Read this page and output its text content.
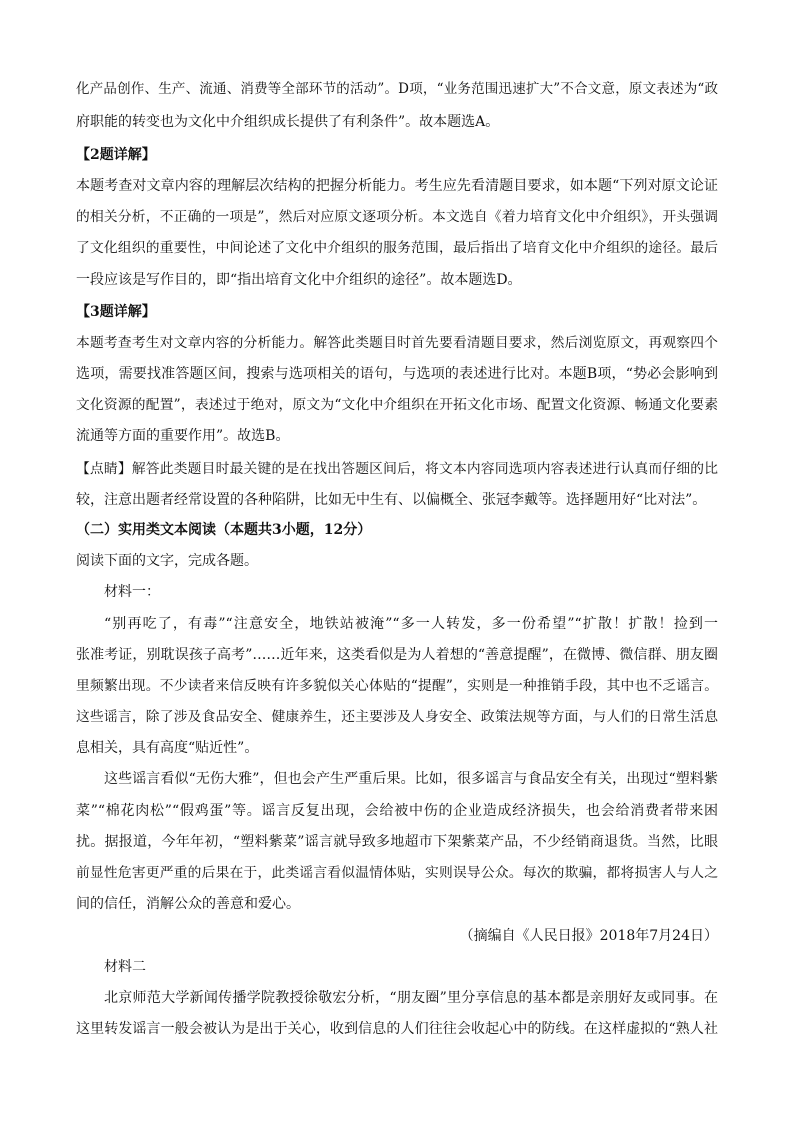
化产品创作、生产、流通、消费等全部环节的活动”。D项，“业务范围迅速扩大”不合文意，原文表述为“政
府职能的转变也为文化中介组织成长提供了有利条件”。故本题选A。
【2题详解】
本题考查对文章内容的理解层次结构的把握分析能力。考生应先看清题目要求，如本题“下列对原文论证
的相关分析，不正确的一项是”，然后对应原文逐项分析。本文选自《着力培育文化中介组织》，开头强调
了文化组织的重要性，中间论述了文化中介组织的服务范围，最后指出了培育文化中介组织的途径。最后
一段应该是写作目的，即“指出培育文化中介组织的途径”。故本题选D。
【3题详解】
本题考查考生对文章内容的分析能力。解答此类题目时首先要看清题目要求，然后浏览原文，再观察四个
选项，需要找准答题区间，搜索与选项相关的语句，与选项的表述进行比对。本题B项，“势必会影响到
文化资源的配置”，表述过于绝对，原文为“文化中介组织在开拓文化市场、配置文化资源、畅通文化要素
流通等方面的重要作用”。故选B。
【点睛】解答此类题目时最关键的是在找出答题区间后，将文本内容同选项内容表述进行认真而仔细的比
较，注意出题者经常设置的各种陷阱，比如无中生有、以偏概全、张冠李戴等。选择题用好“比对法”。
（二）实用类文本阅读（本题共3小题，12分）
阅读下面的文字，完成各题。
材料一：
“别再吃了，有毒”“注意安全，地铁站被淹”“多一人转发，多一份希望”“扩散！扩散！捡到一
张准考证，别耽误孩子高考”……近年来，这类看似是为人着想的“善意提醒”，在微博、微信群、朋友圈
里频繁出现。不少读者来信反映有许多貌似关心体贴的“提醒”，实则是一种推销手段，其中也不乏谣言。
这些谣言，除了涉及食品安全、健康养生，还主要涉及人身安全、政策法规等方面，与人们的日常生活息
息相关，具有高度“贴近性”。
这些谣言看似“无伤大雅”，但也会产生严重后果。比如，很多谣言与食品安全有关，出现过“塑料紫
菜”“棉花肉松”“假鸡蛋”等。谣言反复出现，会给被中伤的企业造成经济损失，也会给消费者带来困
扰。据报道，今年年初，“塑料紫菜”谣言就导致多地超市下架紫菜产品，不少经销商退货。当然，比眼
前显性危害更严重的后果在于，此类谣言看似温情体贴，实则误导公众。每次的欺骗，都将损害人与人之
间的信任，消解公众的善意和爱心。
（摘编自《人民日报》2018年7月24日）
材料二
北京师范大学新闻传播学院教授徐敬宏分析，“朋友圈”里分享信息的基本都是亲朋好友或同事。在
这里转发谣言一般会被认为是出于关心，收到信息的人们往往会收起心中的防线。在这样虚拟的“熟人社
